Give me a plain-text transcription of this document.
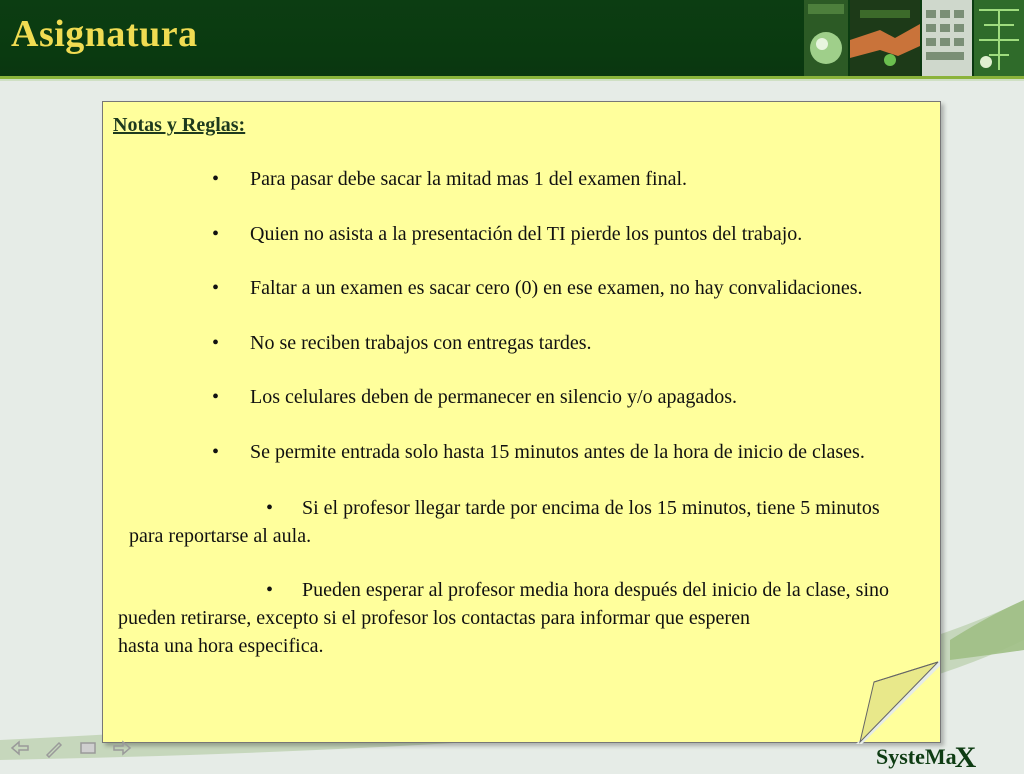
Asignatura
Notas y Reglas:
• Para pasar debe sacar la mitad mas 1 del examen final.
• Quien no asista a la presentación del TI pierde los puntos del trabajo.
• Faltar a un examen es sacar cero (0) en ese examen, no hay convalidaciones.
• No se reciben trabajos con entregas tardes.
• Los celulares deben de permanecer en silencio y/o apagados.
• Se permite entrada solo hasta 15 minutos antes de la hora de inicio de clases.
• Si el profesor llegar tarde por encima de los 15 minutos, tiene 5 minutos
para reportarse al aula.
• Pueden esperar al profesor media hora después del inicio de la clase, sino
pueden retirarse, excepto si el profesor los contactas para informar que esperen
hasta una hora especifica.
SysteMaX
